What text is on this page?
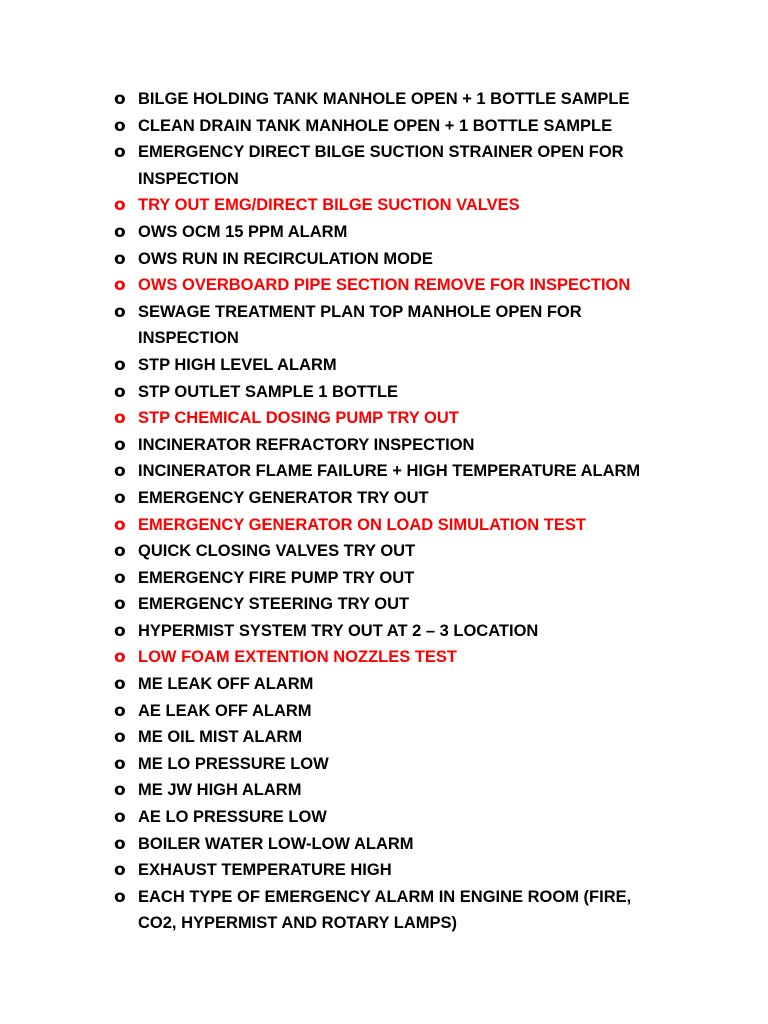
o BILGE HOLDING TANK MANHOLE OPEN + 1 BOTTLE SAMPLE
o CLEAN DRAIN TANK MANHOLE OPEN + 1 BOTTLE SAMPLE
o EMERGENCY DIRECT BILGE SUCTION STRAINER OPEN FOR INSPECTION
o TRY OUT EMG/DIRECT BILGE SUCTION VALVES
o OWS OCM 15 PPM ALARM
o OWS RUN IN RECIRCULATION MODE
o OWS OVERBOARD PIPE SECTION REMOVE FOR INSPECTION
o SEWAGE TREATMENT PLAN TOP MANHOLE OPEN FOR INSPECTION
o STP HIGH LEVEL ALARM
o STP OUTLET SAMPLE 1 BOTTLE
o STP CHEMICAL DOSING PUMP TRY OUT
o INCINERATOR REFRACTORY INSPECTION
o INCINERATOR FLAME FAILURE + HIGH TEMPERATURE ALARM
o EMERGENCY GENERATOR TRY OUT
o EMERGENCY GENERATOR ON LOAD SIMULATION TEST
o QUICK CLOSING VALVES TRY OUT
o EMERGENCY FIRE PUMP TRY OUT
o EMERGENCY STEERING TRY OUT
o HYPERMIST SYSTEM TRY OUT AT 2 – 3 LOCATION
o LOW FOAM EXTENTION NOZZLES TEST
o ME LEAK OFF ALARM
o AE LEAK OFF ALARM
o ME OIL MIST ALARM
o ME LO PRESSURE LOW
o ME JW HIGH ALARM
o AE LO PRESSURE LOW
o BOILER WATER LOW-LOW ALARM
o EXHAUST TEMPERATURE HIGH
o EACH TYPE OF EMERGENCY ALARM IN ENGINE ROOM (FIRE, CO2, HYPERMIST AND ROTARY LAMPS)
